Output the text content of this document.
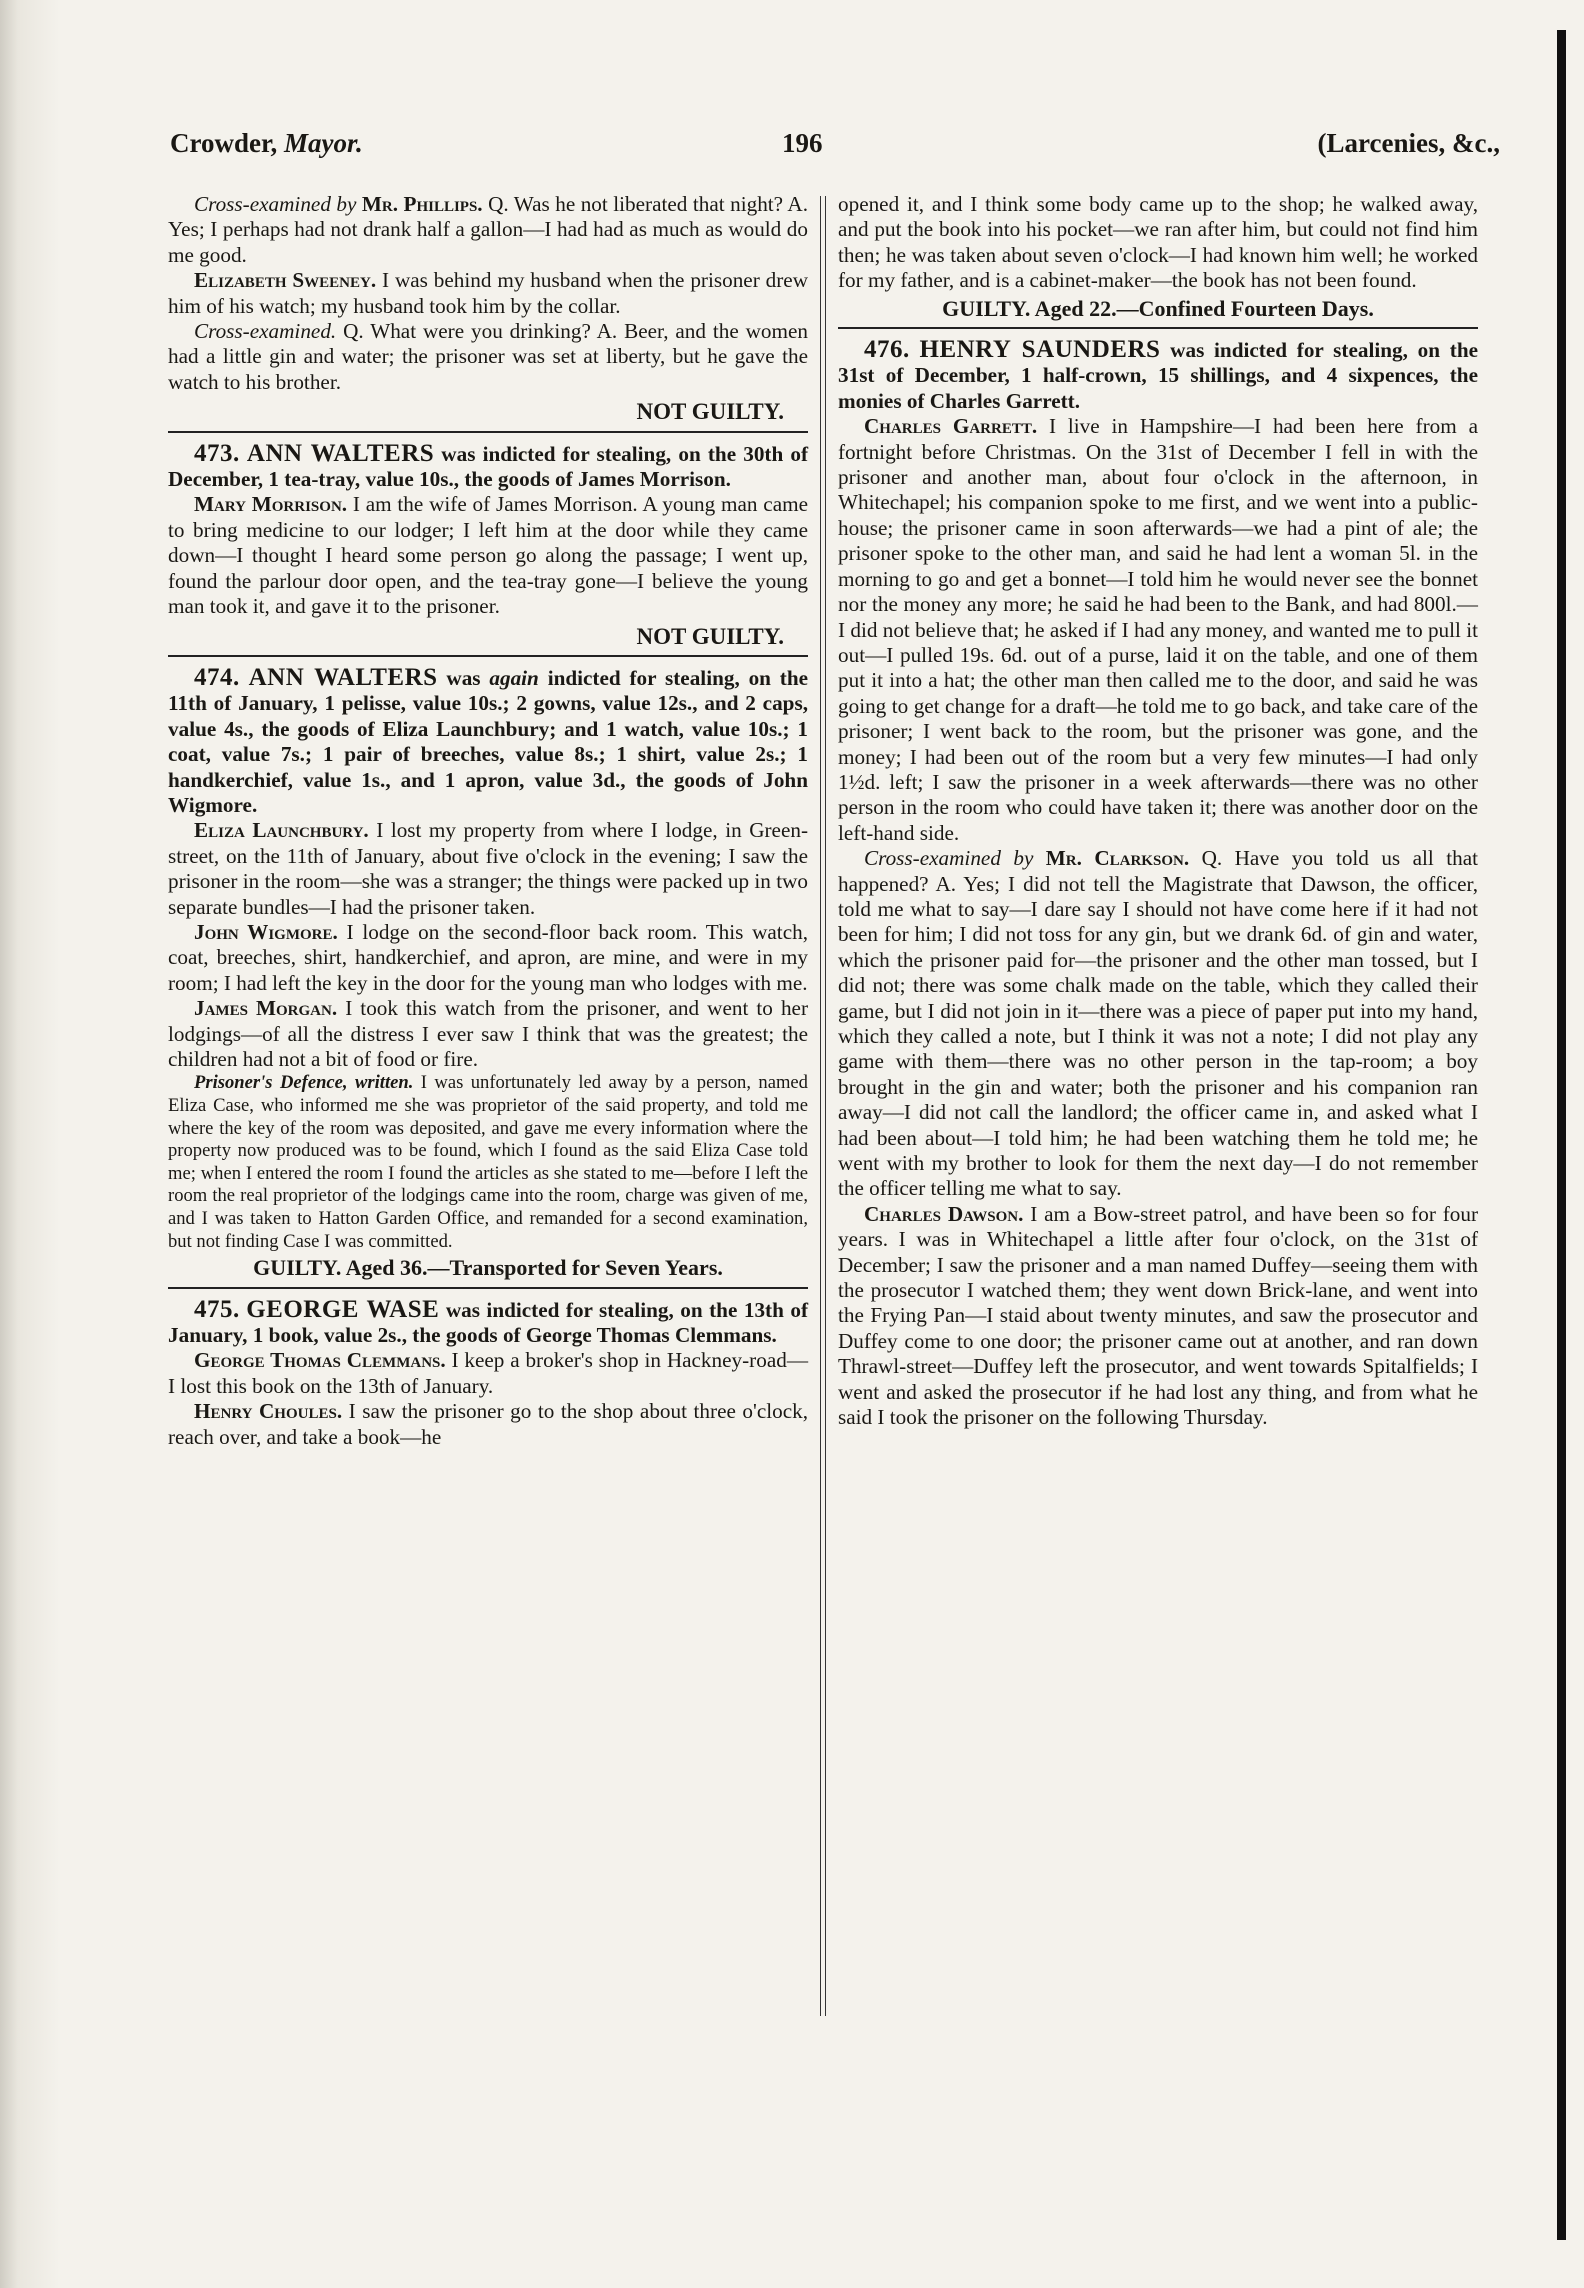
Crowder, Mayor.	196	(Larcenies, &c.,

Cross-examined by Mr. Phillips. Q. Was he not liberated that night? A. Yes; I perhaps had not drank half a gallon—I had had as much as would do me good.

Elizabeth Sweeney. I was behind my husband when the prisoner drew him of his watch; my husband took him by the collar.

Cross-examined. Q. What were you drinking? A. Beer, and the women had a little gin and water; the prisoner was set at liberty, but he gave the watch to his brother.

NOT GUILTY.

473. ANN WALTERS was indicted for stealing, on the 30th of December, 1 tea-tray, value 10s., the goods of James Morrison.

Mary Morrison. I am the wife of James Morrison. A young man came to bring medicine to our lodger; I left him at the door while they came down—I thought I heard some person go along the passage; I went up, found the parlour door open, and the tea-tray gone—I believe the young man took it, and gave it to the prisoner.

NOT GUILTY.

474. ANN WALTERS was again indicted for stealing, on the 11th of January, 1 pelisse, value 10s.; 2 gowns, value 12s., and 2 caps, value 4s., the goods of Eliza Launchbury; and 1 watch, value 10s.; 1 coat, value 7s.; 1 pair of breeches, value 8s.; 1 shirt, value 2s.; 1 handkerchief, value 1s., and 1 apron, value 3d., the goods of John Wigmore.

Eliza Launchbury. I lost my property from where I lodge, in Green-street, on the 11th of January, about five o'clock in the evening; I saw the prisoner in the room—she was a stranger; the things were packed up in two separate bundles—I had the prisoner taken.

John Wigmore. I lodge on the second-floor back room. This watch, coat, breeches, shirt, handkerchief, and apron, are mine, and were in my room; I had left the key in the door for the young man who lodges with me.

James Morgan. I took this watch from the prisoner, and went to her lodgings—of all the distress I ever saw I think that was the greatest; the children had not a bit of food or fire.

Prisoner's Defence, written. I was unfortunately led away by a person, named Eliza Case, who informed me she was proprietor of the said property, and told me where the key of the room was deposited, and gave me every information where the property now produced was to be found, which I found as the said Eliza Case told me; when I entered the room I found the articles as she stated to me—before I left the room the real proprietor of the lodgings came into the room, charge was given of me, and I was taken to Hatton Garden Office, and remanded for a second examination, but not finding Case I was committed.

GUILTY. Aged 36.—Transported for Seven Years.

475. GEORGE WASE was indicted for stealing, on the 13th of January, 1 book, value 2s., the goods of George Thomas Clemmans.

George Thomas Clemmans. I keep a broker's shop in Hackney-road—I lost this book on the 13th of January.

Henry Choules. I saw the prisoner go to the shop about three o'clock, reach over, and take a book—he

opened it, and I think some body came up to the shop; he walked away, and put the book into his pocket—we ran after him, but could not find him then; he was taken about seven o'clock—I had known him well; he worked for my father, and is a cabinet-maker—the book has not been found.

GUILTY. Aged 22.—Confined Fourteen Days.

476. HENRY SAUNDERS was indicted for stealing, on the 31st of December, 1 half-crown, 15 shillings, and 4 sixpences, the monies of Charles Garrett.

Charles Garrett. I live in Hampshire—I had been here from a fortnight before Christmas. On the 31st of December I fell in with the prisoner and another man, about four o'clock in the afternoon, in Whitechapel; his companion spoke to me first, and we went into a public-house; the prisoner came in soon afterwards—we had a pint of ale; the prisoner spoke to the other man, and said he had lent a woman 5l. in the morning to go and get a bonnet—I told him he would never see the bonnet nor the money any more; he said he had been to the Bank, and had 800l.—I did not believe that; he asked if I had any money, and wanted me to pull it out—I pulled 19s. 6d. out of a purse, laid it on the table, and one of them put it into a hat; the other man then called me to the door, and said he was going to get change for a draft—he told me to go back, and take care of the prisoner; I went back to the room, but the prisoner was gone, and the money; I had been out of the room but a very few minutes—I had only 1½d. left; I saw the prisoner in a week afterwards—there was no other person in the room who could have taken it; there was another door on the left-hand side.

Cross-examined by Mr. Clarkson. Q. Have you told us all that happened? A. Yes; I did not tell the Magistrate that Dawson, the officer, told me what to say—I dare say I should not have come here if it had not been for him; I did not toss for any gin, but we drank 6d. of gin and water, which the prisoner paid for—the prisoner and the other man tossed, but I did not; there was some chalk made on the table, which they called their game, but I did not join in it—there was a piece of paper put into my hand, which they called a note, but I think it was not a note; I did not play any game with them—there was no other person in the tap-room; a boy brought in the gin and water; both the prisoner and his companion ran away—I did not call the landlord; the officer came in, and asked what I had been about—I told him; he had been watching them he told me; he went with my brother to look for them the next day—I do not remember the officer telling me what to say.

Charles Dawson. I am a Bow-street patrol, and have been so for four years. I was in Whitechapel a little after four o'clock, on the 31st of December; I saw the prisoner and a man named Duffey—seeing them with the prosecutor I watched them; they went down Brick-lane, and went into the Frying Pan—I staid about twenty minutes, and saw the prosecutor and Duffey come to one door; the prisoner came out at another, and ran down Thrawl-street—Duffey left the prosecutor, and went towards Spitalfields; I went and asked the prosecutor if he had lost any thing, and from what he said I took the prisoner on the following Thursday.
